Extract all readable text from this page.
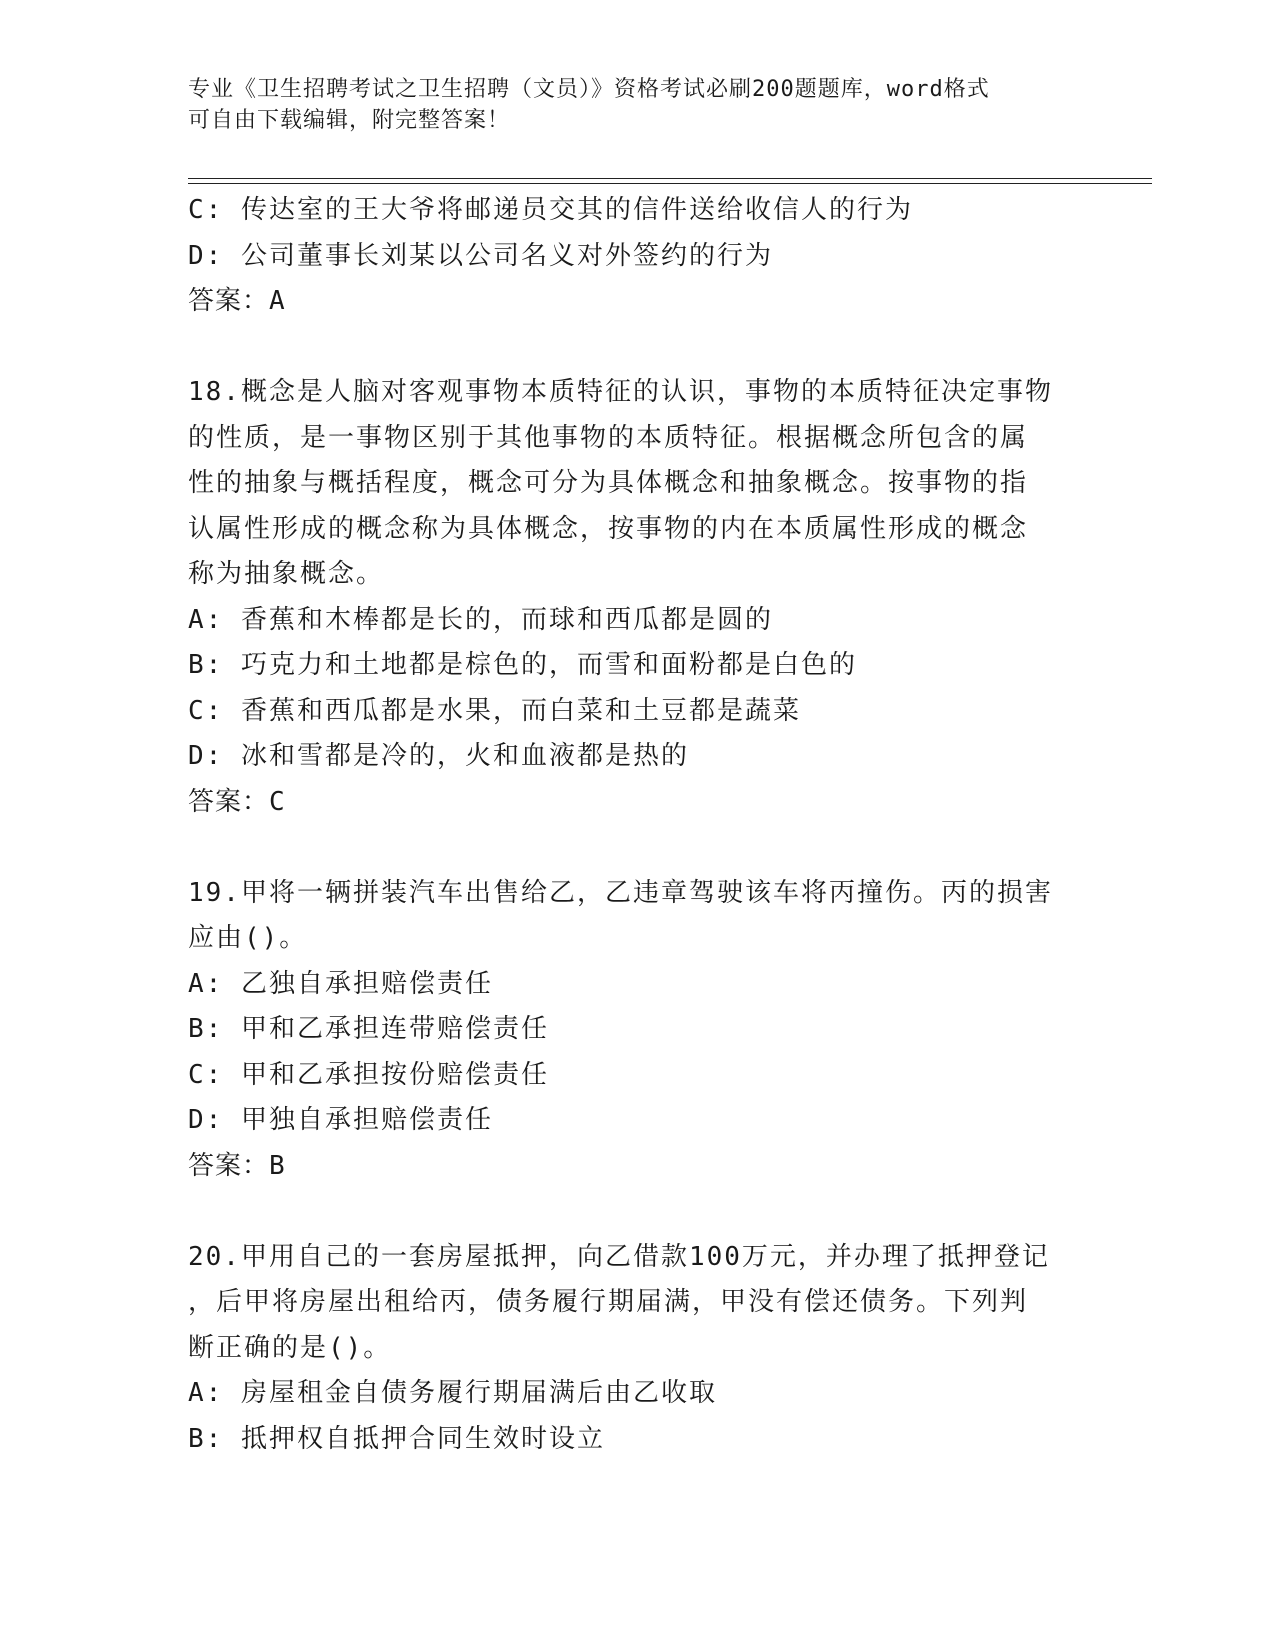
专业《卫生招聘考试之卫生招聘（文员）》资格考试必刷200题题库，word格式
可自由下载编辑，附完整答案！
C: 传达室的王大爷将邮递员交其的信件送给收信人的行为
D: 公司董事长刘某以公司名义对外签约的行为
答案：A
18.概念是人脑对客观事物本质特征的认识，事物的本质特征决定事物
的性质，是一事物区别于其他事物的本质特征。根据概念所包含的属
性的抽象与概括程度，概念可分为具体概念和抽象概念。按事物的指
认属性形成的概念称为具体概念，按事物的内在本质属性形成的概念
称为抽象概念。
A: 香蕉和木棒都是长的，而球和西瓜都是圆的
B: 巧克力和土地都是棕色的，而雪和面粉都是白色的
C: 香蕉和西瓜都是水果，而白菜和土豆都是蔬菜
D: 冰和雪都是冷的，火和血液都是热的
答案：C
19.甲将一辆拼装汽车出售给乙，乙违章驾驶该车将丙撞伤。丙的损害
应由()。
A: 乙独自承担赔偿责任
B: 甲和乙承担连带赔偿责任
C: 甲和乙承担按份赔偿责任
D: 甲独自承担赔偿责任
答案：B
20.甲用自己的一套房屋抵押，向乙借款100万元，并办理了抵押登记
，后甲将房屋出租给丙，债务履行期届满，甲没有偿还债务。下列判
断正确的是()。
A: 房屋租金自债务履行期届满后由乙收取
B: 抵押权自抵押合同生效时设立
